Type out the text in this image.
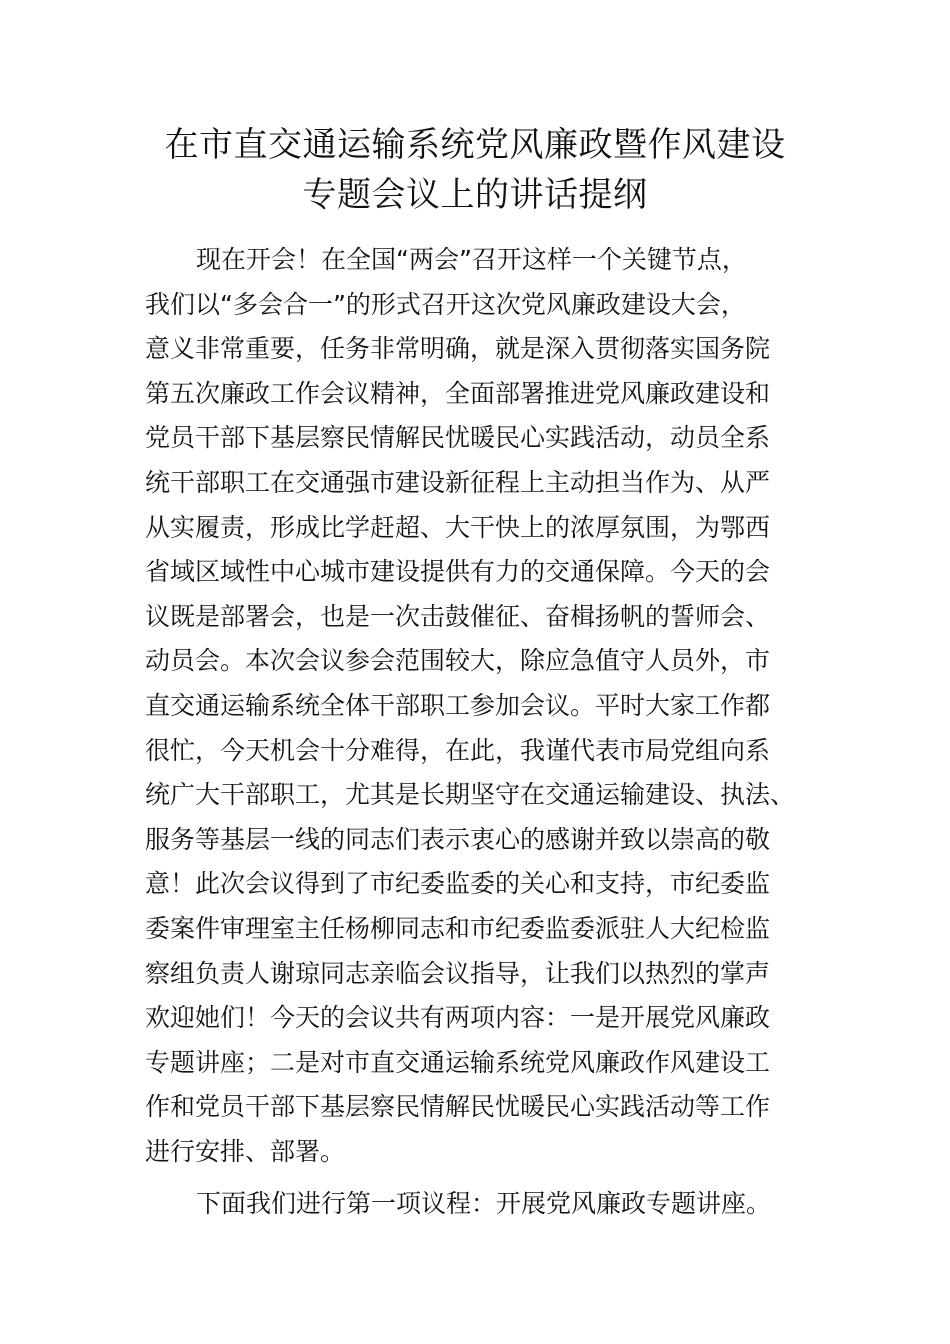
在市直交通运输系统党风廉政暨作风建设
专题会议上的讲话提纲
现在开会！在全国“两会”召开这样一个关键节点，
我们以“多会合一”的形式召开这次党风廉政建设大会，
意义非常重要，任务非常明确，就是深入贯彻落实国务院
第五次廉政工作会议精神，全面部署推进党风廉政建设和
党员干部下基层察民情解民忧暖民心实践活动，动员全系
统干部职工在交通强市建设新征程上主动担当作为、从严
从实履责，形成比学赶超、大干快上的浓厚氛围，为鄂西
省域区域性中心城市建设提供有力的交通保障。今天的会
议既是部署会，也是一次击鼓催征、奋楫扬帆的誓师会、
动员会。本次会议参会范围较大，除应急值守人员外，市
直交通运输系统全体干部职工参加会议。平时大家工作都
很忙，今天机会十分难得，在此，我谨代表市局党组向系
统广大干部职工，尤其是长期坚守在交通运输建设、执法、
服务等基层一线的同志们表示衷心的感谢并致以崇高的敬
意！此次会议得到了市纪委监委的关心和支持，市纪委监
委案件审理室主任杨柳同志和市纪委监委派驻人大纪检监
察组负责人谢琼同志亲临会议指导，让我们以热烈的掌声
欢迎她们！今天的会议共有两项内容：一是开展党风廉政
专题讲座；二是对市直交通运输系统党风廉政作风建设工
作和党员干部下基层察民情解民忧暖民心实践活动等工作
进行安排、部署。
下面我们进行第一项议程：开展党风廉政专题讲座。
